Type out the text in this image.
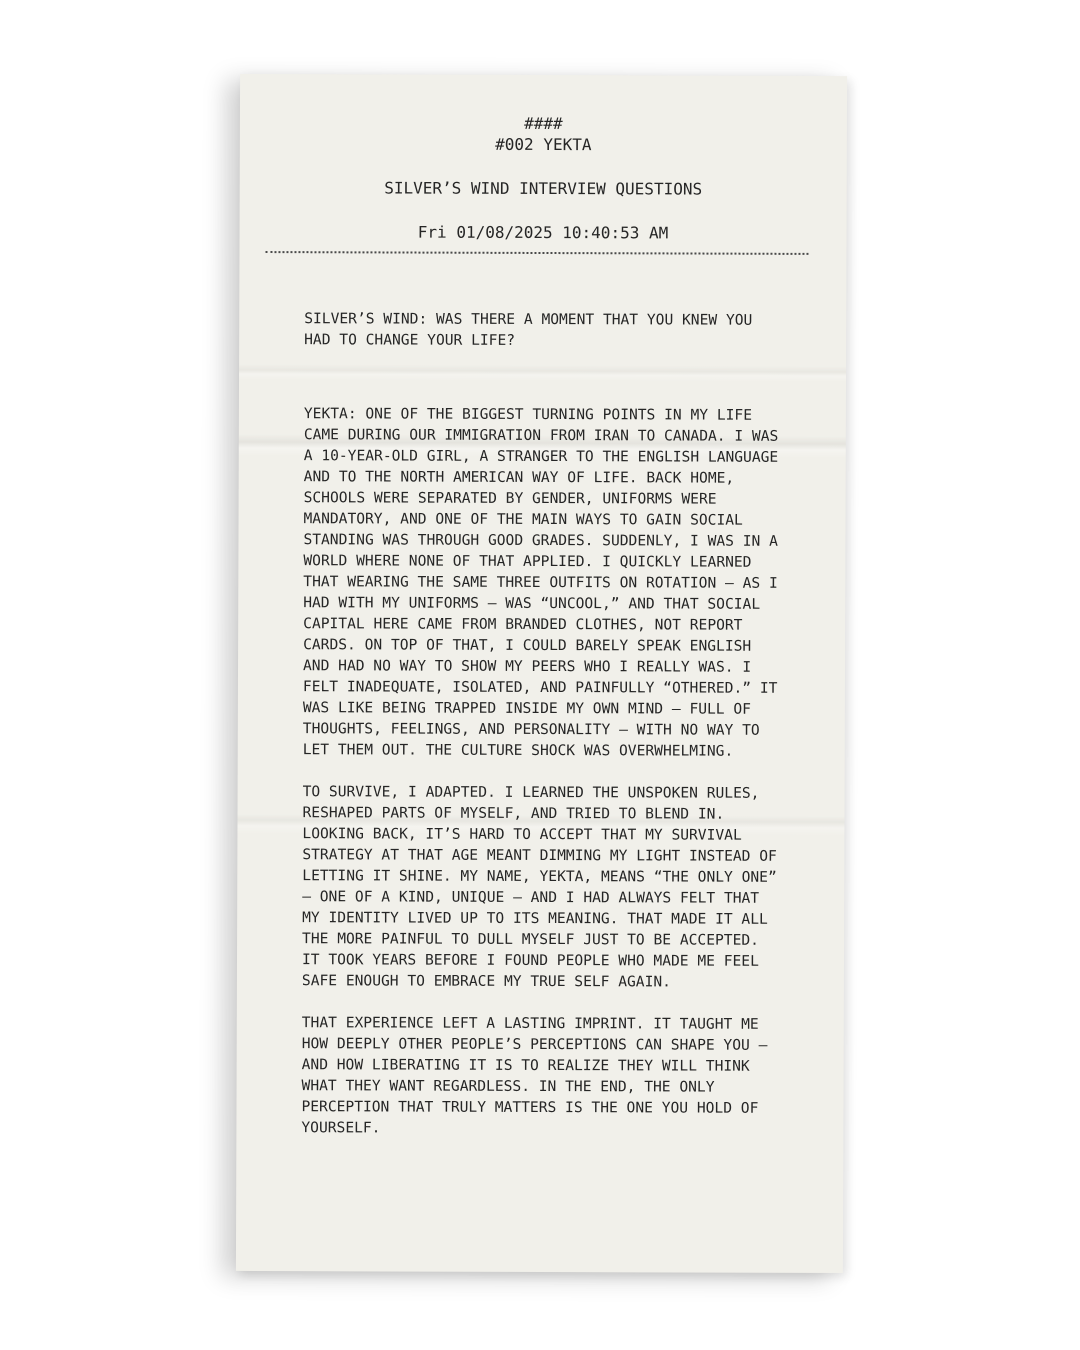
####
#002 YEKTA
SILVER’S WIND INTERVIEW QUESTIONS
Fri 01/08/2025 10:40:53 AM

SILVER’S WIND: WAS THERE A MOMENT THAT YOU KNEW YOU HAD TO CHANGE YOUR LIFE?

YEKTA: ONE OF THE BIGGEST TURNING POINTS IN MY LIFE CAME DURING OUR IMMIGRATION FROM IRAN TO CANADA. I WAS A 10-YEAR-OLD GIRL, A STRANGER TO THE ENGLISH LANGUAGE AND TO THE NORTH AMERICAN WAY OF LIFE. BACK HOME, SCHOOLS WERE SEPARATED BY GENDER, UNIFORMS WERE MANDATORY, AND ONE OF THE MAIN WAYS TO GAIN SOCIAL STANDING WAS THROUGH GOOD GRADES. SUDDENLY, I WAS IN A WORLD WHERE NONE OF THAT APPLIED. I QUICKLY LEARNED THAT WEARING THE SAME THREE OUTFITS ON ROTATION — AS I HAD WITH MY UNIFORMS — WAS “UNCOOL,” AND THAT SOCIAL CAPITAL HERE CAME FROM BRANDED CLOTHES, NOT REPORT CARDS. ON TOP OF THAT, I COULD BARELY SPEAK ENGLISH AND HAD NO WAY TO SHOW MY PEERS WHO I REALLY WAS. I FELT INADEQUATE, ISOLATED, AND PAINFULLY “OTHERED.” IT WAS LIKE BEING TRAPPED INSIDE MY OWN MIND — FULL OF THOUGHTS, FEELINGS, AND PERSONALITY — WITH NO WAY TO LET THEM OUT. THE CULTURE SHOCK WAS OVERWHELMING.

TO SURVIVE, I ADAPTED. I LEARNED THE UNSPOKEN RULES, RESHAPED PARTS OF MYSELF, AND TRIED TO BLEND IN. LOOKING BACK, IT’S HARD TO ACCEPT THAT MY SURVIVAL STRATEGY AT THAT AGE MEANT DIMMING MY LIGHT INSTEAD OF LETTING IT SHINE. MY NAME, YEKTA, MEANS “THE ONLY ONE” — ONE OF A KIND, UNIQUE — AND I HAD ALWAYS FELT THAT MY IDENTITY LIVED UP TO ITS MEANING. THAT MADE IT ALL THE MORE PAINFUL TO DULL MYSELF JUST TO BE ACCEPTED. IT TOOK YEARS BEFORE I FOUND PEOPLE WHO MADE ME FEEL SAFE ENOUGH TO EMBRACE MY TRUE SELF AGAIN.

THAT EXPERIENCE LEFT A LASTING IMPRINT. IT TAUGHT ME HOW DEEPLY OTHER PEOPLE’S PERCEPTIONS CAN SHAPE YOU — AND HOW LIBERATING IT IS TO REALIZE THEY WILL THINK WHAT THEY WANT REGARDLESS. IN THE END, THE ONLY PERCEPTION THAT TRULY MATTERS IS THE ONE YOU HOLD OF YOURSELF.
